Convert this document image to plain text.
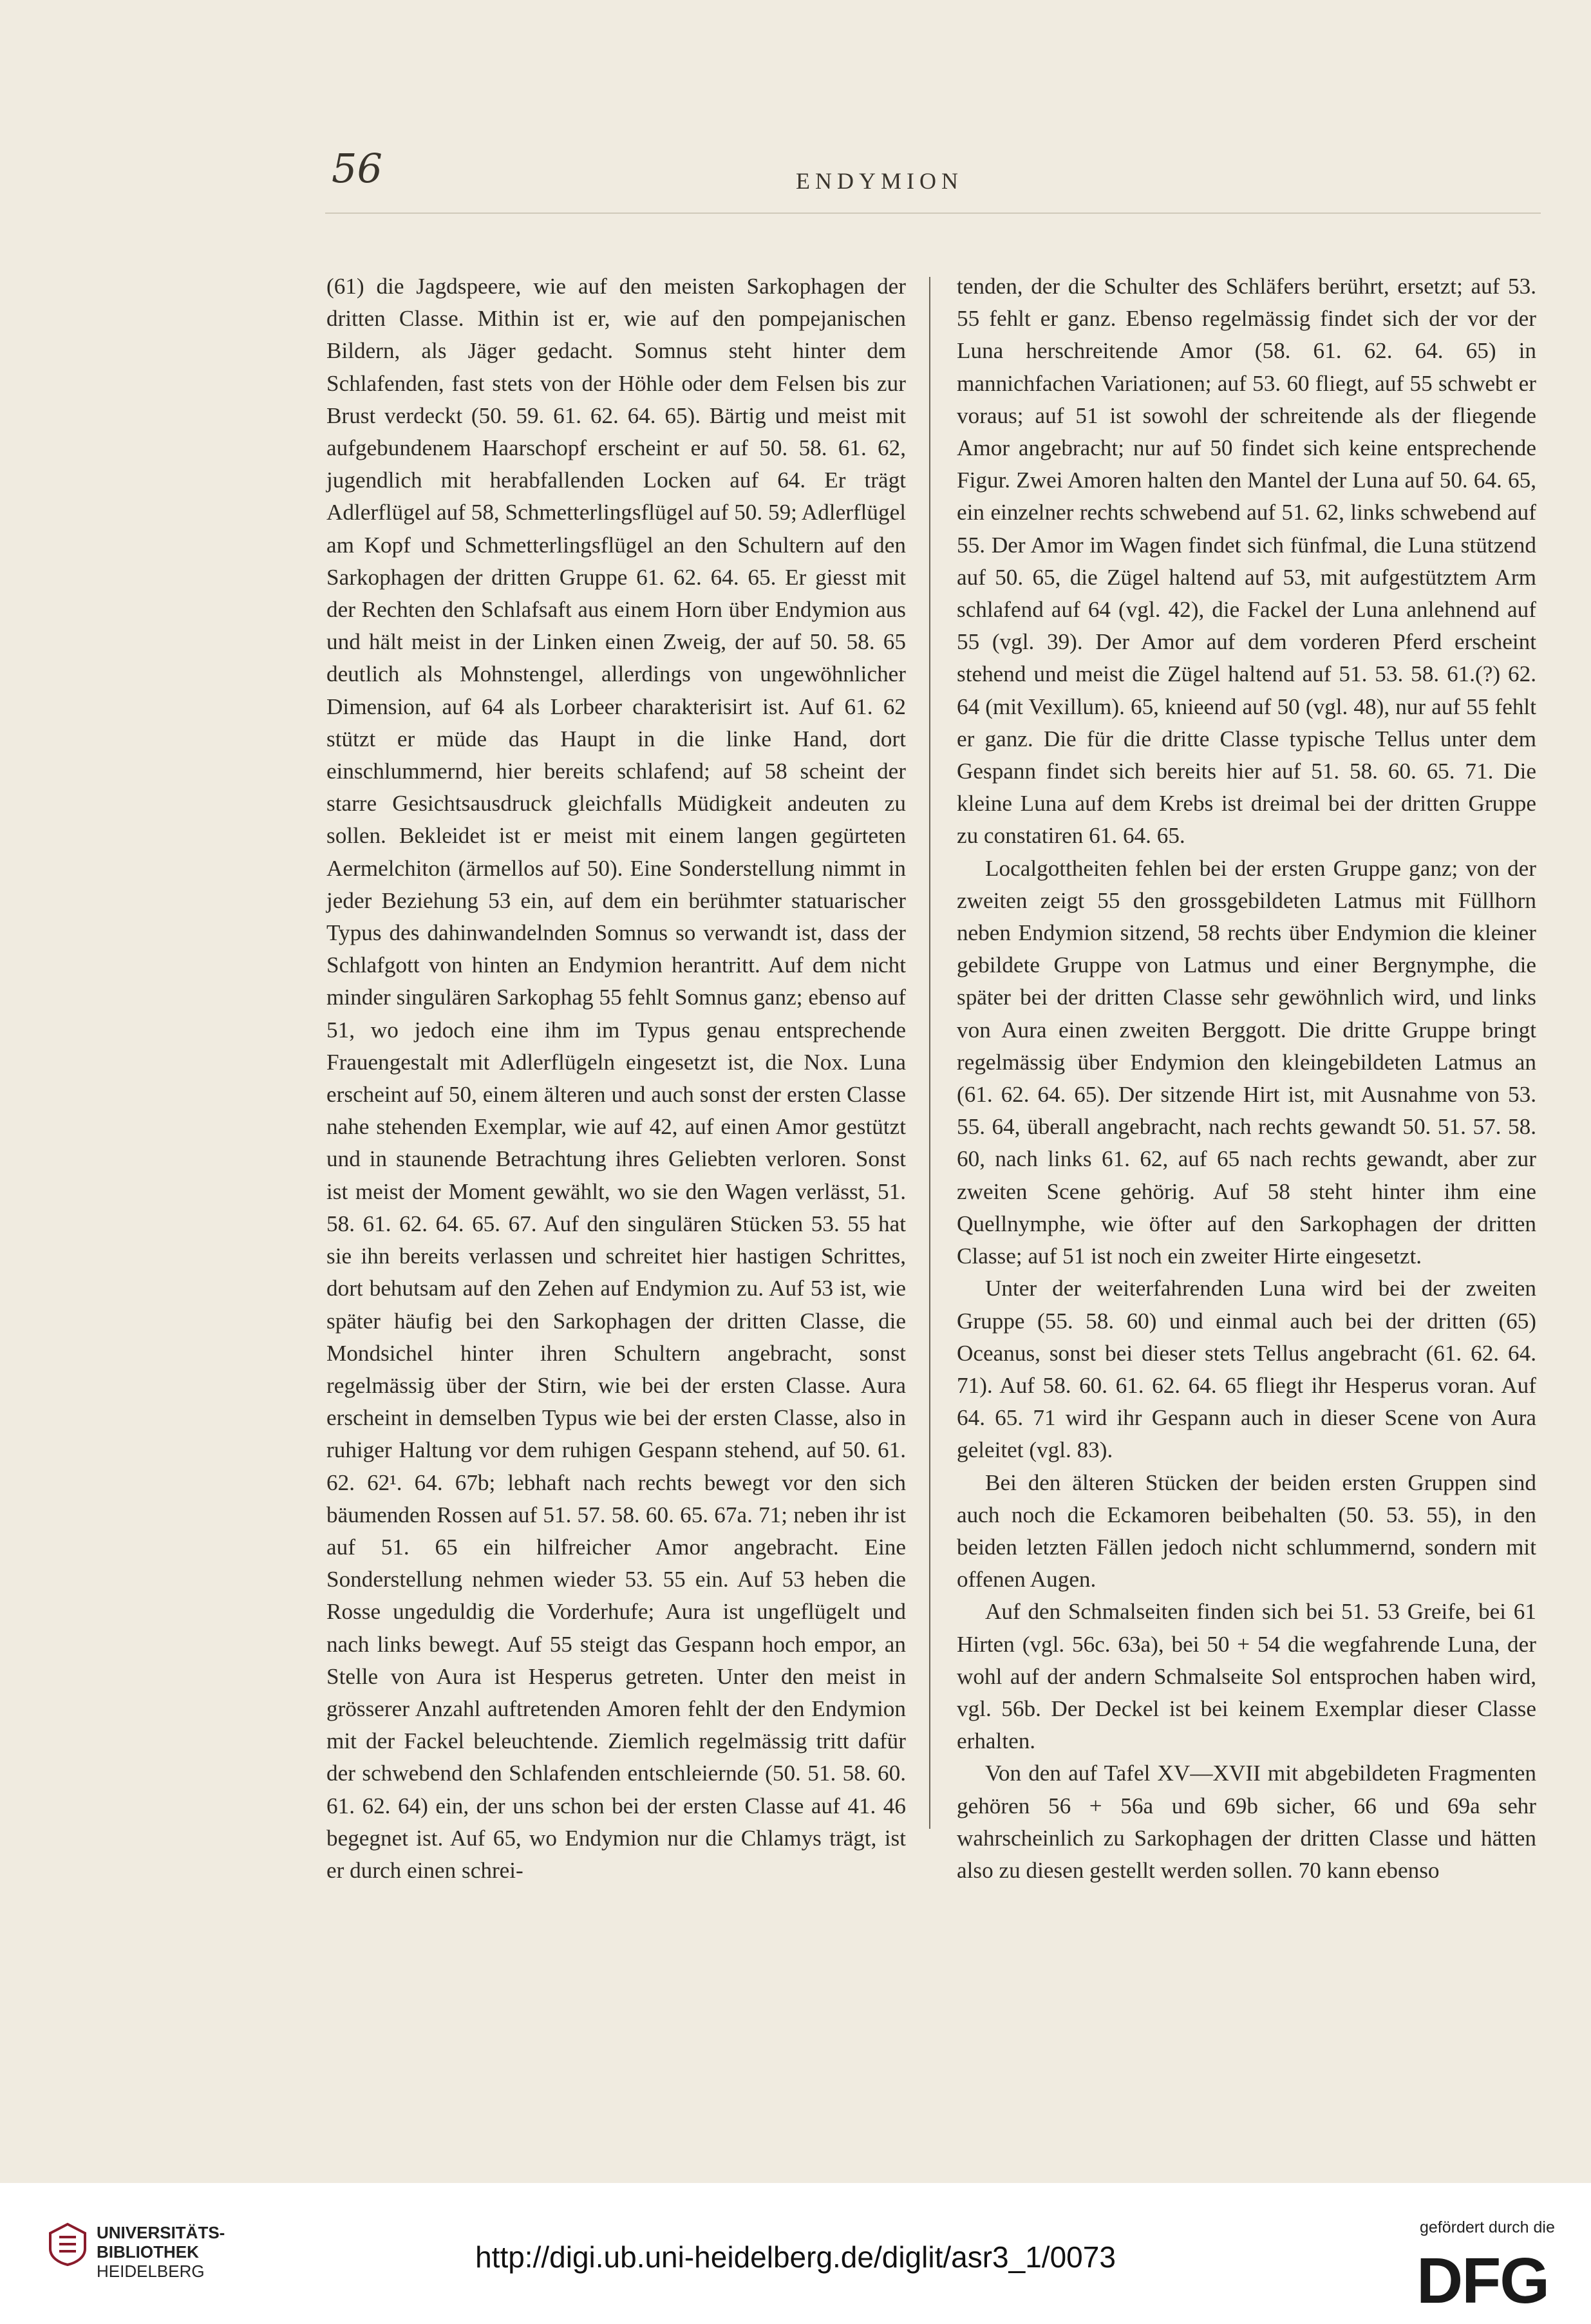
56	ENDYMION

(61) die Jagdspeere, wie auf den meisten Sarkophagen der dritten Classe. Mithin ist er, wie auf den pompejanischen Bildern, als Jäger gedacht. Somnus steht hinter dem Schlafenden, fast stets von der Höhle oder dem Felsen bis zur Brust verdeckt (50. 59. 61. 62. 64. 65). Bärtig und meist mit aufgebundenem Haarschopf erscheint er auf 50. 58. 61. 62, jugendlich mit herabfallenden Locken auf 64. Er trägt Adlerflügel auf 58, Schmetterlingsflügel auf 50. 59; Adlerflügel am Kopf und Schmetterlingsflügel an den Schultern auf den Sarkophagen der dritten Gruppe 61. 62. 64. 65. Er giesst mit der Rechten den Schlafsaft aus einem Horn über Endymion aus und hält meist in der Linken einen Zweig, der auf 50. 58. 65 deutlich als Mohnstengel, allerdings von ungewöhnlicher Dimension, auf 64 als Lorbeer charakterisirt ist. Auf 61. 62 stützt er müde das Haupt in die linke Hand, dort einschlummernd, hier bereits schlafend; auf 58 scheint der starre Gesichtsausdruck gleichfalls Müdigkeit andeuten zu sollen. Bekleidet ist er meist mit einem langen gegürteten Aermelchiton (ärmellos auf 50). Eine Sonderstellung nimmt in jeder Beziehung 53 ein, auf dem ein berühmter statuarischer Typus des dahinwandelnden Somnus so verwandt ist, dass der Schlafgott von hinten an Endymion herantritt. Auf dem nicht minder singulären Sarkophag 55 fehlt Somnus ganz; ebenso auf 51, wo jedoch eine ihm im Typus genau entsprechende Frauengestalt mit Adlerflügeln eingesetzt ist, die Nox. Luna erscheint auf 50, einem älteren und auch sonst der ersten Classe nahe stehenden Exemplar, wie auf 42, auf einen Amor gestützt und in staunende Betrachtung ihres Geliebten verloren. Sonst ist meist der Moment gewählt, wo sie den Wagen verlässt, 51. 58. 61. 62. 64. 65. 67. Auf den singulären Stücken 53. 55 hat sie ihn bereits verlassen und schreitet hier hastigen Schrittes, dort behutsam auf den Zehen auf Endymion zu. Auf 53 ist, wie später häufig bei den Sarkophagen der dritten Classe, die Mondsichel hinter ihren Schultern angebracht, sonst regelmässig über der Stirn, wie bei der ersten Classe. Aura erscheint in demselben Typus wie bei der ersten Classe, also in ruhiger Haltung vor dem ruhigen Gespann stehend, auf 50. 61. 62. 62¹. 64. 67b; lebhaft nach rechts bewegt vor den sich bäumenden Rossen auf 51. 57. 58. 60. 65. 67a. 71; neben ihr ist auf 51. 65 ein hilfreicher Amor angebracht. Eine Sonderstellung nehmen wieder 53. 55 ein. Auf 53 heben die Rosse ungeduldig die Vorderhufe; Aura ist ungeflügelt und nach links bewegt. Auf 55 steigt das Gespann hoch empor, an Stelle von Aura ist Hesperus getreten. Unter den meist in grösserer Anzahl auftretenden Amoren fehlt der den Endymion mit der Fackel beleuchtende. Ziemlich regelmässig tritt dafür der schwebend den Schlafenden entschleiernde (50. 51. 58. 60. 61. 62. 64) ein, der uns schon bei der ersten Classe auf 41. 46 begegnet ist. Auf 65, wo Endymion nur die Chlamys trägt, ist er durch einen schrei-

tenden, der die Schulter des Schläfers berührt, ersetzt; auf 53. 55 fehlt er ganz. Ebenso regelmässig findet sich der vor der Luna herschreitende Amor (58. 61. 62. 64. 65) in mannichfachen Variationen; auf 53. 60 fliegt, auf 55 schwebt er voraus; auf 51 ist sowohl der schreitende als der fliegende Amor angebracht; nur auf 50 findet sich keine entsprechende Figur. Zwei Amoren halten den Mantel der Luna auf 50. 64. 65, ein einzelner rechts schwebend auf 51. 62, links schwebend auf 55. Der Amor im Wagen findet sich fünfmal, die Luna stützend auf 50. 65, die Zügel haltend auf 53, mit aufgestütztem Arm schlafend auf 64 (vgl. 42), die Fackel der Luna anlehnend auf 55 (vgl. 39). Der Amor auf dem vorderen Pferd erscheint stehend und meist die Zügel haltend auf 51. 53. 58. 61.(?) 62. 64 (mit Vexillum). 65, knieend auf 50 (vgl. 48), nur auf 55 fehlt er ganz. Die für die dritte Classe typische Tellus unter dem Gespann findet sich bereits hier auf 51. 58. 60. 65. 71. Die kleine Luna auf dem Krebs ist dreimal bei der dritten Gruppe zu constatiren 61. 64. 65.

Localgottheiten fehlen bei der ersten Gruppe ganz; von der zweiten zeigt 55 den grossgebildeten Latmus mit Füllhorn neben Endymion sitzend, 58 rechts über Endymion die kleiner gebildete Gruppe von Latmus und einer Bergnymphe, die später bei der dritten Classe sehr gewöhnlich wird, und links von Aura einen zweiten Berggott. Die dritte Gruppe bringt regelmässig über Endymion den kleingebildeten Latmus an (61. 62. 64. 65). Der sitzende Hirt ist, mit Ausnahme von 53. 55. 64, überall angebracht, nach rechts gewandt 50. 51. 57. 58. 60, nach links 61. 62, auf 65 nach rechts gewandt, aber zur zweiten Scene gehörig. Auf 58 steht hinter ihm eine Quellnymphe, wie öfter auf den Sarkophagen der dritten Classe; auf 51 ist noch ein zweiter Hirte eingesetzt.

Unter der weiterfahrenden Luna wird bei der zweiten Gruppe (55. 58. 60) und einmal auch bei der dritten (65) Oceanus, sonst bei dieser stets Tellus angebracht (61. 62. 64. 71). Auf 58. 60. 61. 62. 64. 65 fliegt ihr Hesperus voran. Auf 64. 65. 71 wird ihr Gespann auch in dieser Scene von Aura geleitet (vgl. 83).

Bei den älteren Stücken der beiden ersten Gruppen sind auch noch die Eckamoren beibehalten (50. 53. 55), in den beiden letzten Fällen jedoch nicht schlummernd, sondern mit offenen Augen.

Auf den Schmalseiten finden sich bei 51. 53 Greife, bei 61 Hirten (vgl. 56c. 63a), bei 50 + 54 die wegfahrende Luna, der wohl auf der andern Schmalseite Sol entsprochen haben wird, vgl. 56b. Der Deckel ist bei keinem Exemplar dieser Classe erhalten.

Von den auf Tafel XV—XVII mit abgebildeten Fragmenten gehören 56 + 56a und 69b sicher, 66 und 69a sehr wahrscheinlich zu Sarkophagen der dritten Classe und hätten also zu diesen gestellt werden sollen. 70 kann ebenso

UNIVERSITÄTS-
BIBLIOTHEK
HEIDELBERG	http://digi.ub.uni-heidelberg.de/diglit/asr3_1/0073
gefördert durch die
DFG
